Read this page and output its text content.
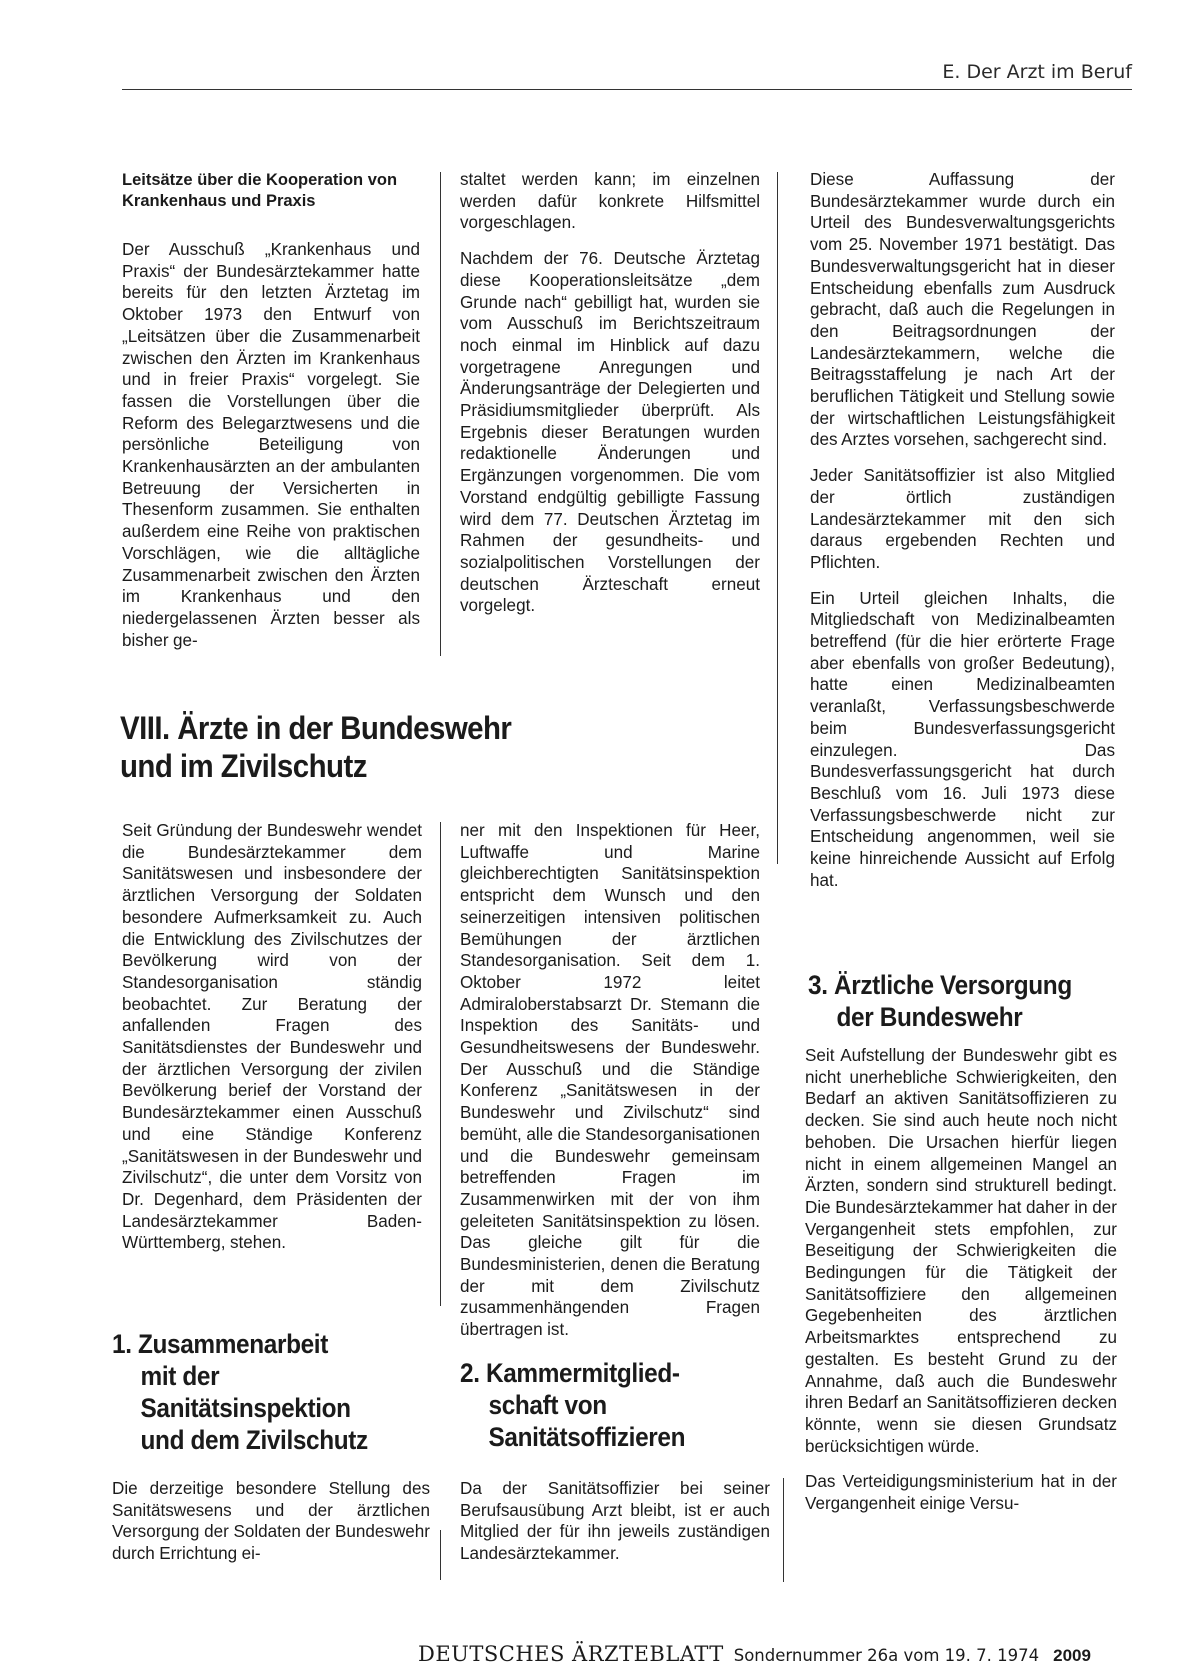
E. Der Arzt im Beruf

Leitsätze über die Kooperation von Krankenhaus und Praxis

Der Ausschuß „Krankenhaus und Praxis“ der Bundesärztekammer hatte bereits für den letzten Ärztetag im Oktober 1973 den Entwurf von „Leitsätzen über die Zusammenarbeit zwischen den Ärzten im Krankenhaus und in freier Praxis“ vorgelegt. Sie fassen die Vorstellungen über die Reform des Belegarztwesens und die persönliche Beteiligung von Krankenhausärzten an der ambulanten Betreuung der Versicherten in Thesenform zusammen. Sie enthalten außerdem eine Reihe von praktischen Vorschlägen, wie die alltägliche Zusammenarbeit zwischen den Ärzten im Krankenhaus und den niedergelassenen Ärzten besser als bisher ge-

staltet werden kann; im einzelnen werden dafür konkrete Hilfsmittel vorgeschlagen.

Nachdem der 76. Deutsche Ärztetag diese Kooperationsleitsätze „dem Grunde nach“ gebilligt hat, wurden sie vom Ausschuß im Berichtszeitraum noch einmal im Hinblick auf dazu vorgetragene Anregungen und Änderungsanträge der Delegierten und Präsidiumsmitglieder überprüft. Als Ergebnis dieser Beratungen wurden redaktionelle Änderungen und Ergänzungen vorgenommen. Die vom Vorstand endgültig gebilligte Fassung wird dem 77. Deutschen Ärztetag im Rahmen der gesundheits- und sozialpolitischen Vorstellungen der deutschen Ärzteschaft erneut vorgelegt.

VIII. Ärzte in der Bundeswehr
und im Zivilschutz

Seit Gründung der Bundeswehr wendet die Bundesärztekammer dem Sanitätswesen und insbesondere der ärztlichen Versorgung der Soldaten besondere Aufmerksamkeit zu. Auch die Entwicklung des Zivilschutzes der Bevölkerung wird von der Standesorganisation ständig beobachtet. Zur Beratung der anfallenden Fragen des Sanitätsdienstes der Bundeswehr und der ärztlichen Versorgung der zivilen Bevölkerung berief der Vorstand der Bundesärztekammer einen Ausschuß und eine Ständige Konferenz „Sanitätswesen in der Bundeswehr und Zivilschutz“, die unter dem Vorsitz von Dr. Degenhard, dem Präsidenten der Landesärztekammer Baden-Württemberg, stehen.

ner mit den Inspektionen für Heer, Luftwaffe und Marine gleichberechtigten Sanitätsinspektion entspricht dem Wunsch und den seinerzeitigen intensiven politischen Bemühungen der ärztlichen Standesorganisation. Seit dem 1. Oktober 1972 leitet Admiraloberstabsarzt Dr. Stemann die Inspektion des Sanitäts- und Gesundheitswesens der Bundeswehr. Der Ausschuß und die Ständige Konferenz „Sanitätswesen in der Bundeswehr und Zivilschutz“ sind bemüht, alle die Standesorganisationen und die Bundeswehr gemeinsam betreffenden Fragen im Zusammenwirken mit der von ihm geleiteten Sanitätsinspektion zu lösen. Das gleiche gilt für die Bundesministerien, denen die Beratung der mit dem Zivilschutz zusammenhängenden Fragen übertragen ist.

1. Zusammenarbeit
mit der
Sanitätsinspektion
und dem Zivilschutz

Die derzeitige besondere Stellung des Sanitätswesens und der ärztlichen Versorgung der Soldaten der Bundeswehr durch Errichtung ei-

2. Kammermitglied-
schaft von
Sanitätsoffizieren

Da der Sanitätsoffizier bei seiner Berufsausübung Arzt bleibt, ist er auch Mitglied der für ihn jeweils zuständigen Landesärztekammer.

Diese Auffassung der Bundesärztekammer wurde durch ein Urteil des Bundesverwaltungsgerichts vom 25. November 1971 bestätigt. Das Bundesverwaltungsgericht hat in dieser Entscheidung ebenfalls zum Ausdruck gebracht, daß auch die Regelungen in den Beitragsordnungen der Landesärztekammern, welche die Beitragsstaffelung je nach Art der beruflichen Tätigkeit und Stellung sowie der wirtschaftlichen Leistungsfähigkeit des Arztes vorsehen, sachgerecht sind.

Jeder Sanitätsoffizier ist also Mitglied der örtlich zuständigen Landesärztekammer mit den sich daraus ergebenden Rechten und Pflichten.

Ein Urteil gleichen Inhalts, die Mitgliedschaft von Medizinalbeamten betreffend (für die hier erörterte Frage aber ebenfalls von großer Bedeutung), hatte einen Medizinalbeamten veranlaßt, Verfassungsbeschwerde beim Bundesverfassungsgericht einzulegen. Das Bundesverfassungsgericht hat durch Beschluß vom 16. Juli 1973 diese Verfassungsbeschwerde nicht zur Entscheidung angenommen, weil sie keine hinreichende Aussicht auf Erfolg hat.

3. Ärztliche Versorgung
der Bundeswehr

Seit Aufstellung der Bundeswehr gibt es nicht unerhebliche Schwierigkeiten, den Bedarf an aktiven Sanitätsoffizieren zu decken. Sie sind auch heute noch nicht behoben. Die Ursachen hierfür liegen nicht in einem allgemeinen Mangel an Ärzten, sondern sind strukturell bedingt. Die Bundesärztekammer hat daher in der Vergangenheit stets empfohlen, zur Beseitigung der Schwierigkeiten die Bedingungen für die Tätigkeit der Sanitätsoffiziere den allgemeinen Gegebenheiten des ärztlichen Arbeitsmarktes entsprechend zu gestalten. Es besteht Grund zu der Annahme, daß auch die Bundeswehr ihren Bedarf an Sanitätsoffizieren decken könnte, wenn sie diesen Grundsatz berücksichtigen würde.

Das Verteidigungsministerium hat in der Vergangenheit einige Versu-

DEUTSCHES ÄRZTEBLATT Sondernummer 26a vom 19. 7. 1974 2009
